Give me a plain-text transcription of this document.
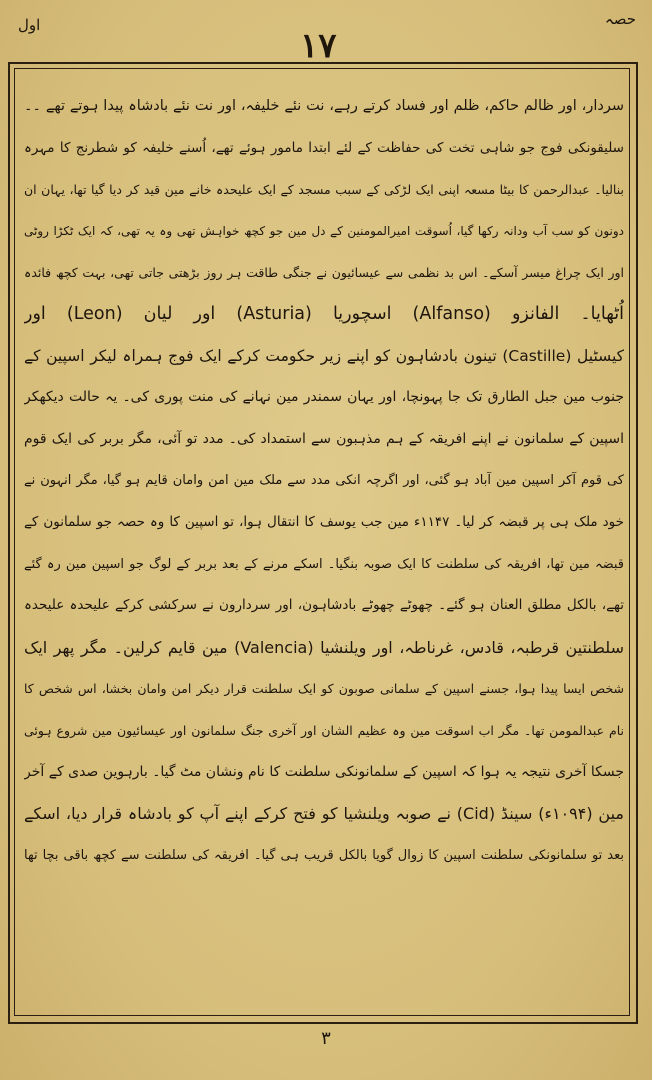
اول
١٧
حصہ
سردار، اور ظالم حاکم، ظلم اور فساد کرتے رہے، نت نئے خلیفہ، اور نت نئے بادشاہ پیدا ہوتے تھے ۔۔
سلیقونکی فوج جو شاہی تخت کی حفاظت کے لئے ابتدا مامور ہوئے تھے، اُسنے خلیفہ کو شطرنج کا مہرہ
بنالیا۔ عبدالرحمن کا بیٹا مسعہ اپنی ایک لڑکی کے سبب مسجد کے ایک علیحدہ خانے مین قید کر دیا گیا تھا، یہان ان
دونون کو سب آب ودانہ رکھا گیا، اُسوقت امیرالمومنین کے دل مین جو کچھ خواہش تھی وہ یہ تھی، کہ ایک ٹکڑا روٹی
اور ایک چراغ میسر آسکے۔ اس بد نظمی سے عیسائیون نے جنگی طاقت ہر روز بڑھتی جاتی تھی، بہت کچھ فائدہ
اُٹھایا۔ الفانزو (Alfanso) اسچوریا (Asturia) اور لیان (Leon) اور
کیسٹیل (Castille) تینون بادشاہون کو اپنے زیر حکومت کرکے ایک فوج ہمراہ لیکر اسپین کے
جنوب مین جبل الطارق تک جا پہونچا، اور یہان سمندر مین نہانے کی منت پوری کی۔ یہ حالت دیکھکر
اسپین کے سلمانون نے اپنے افریقہ کے ہم مذہبون سے استمداد کی۔ مدد تو آئی، مگر بربر کی ایک قوم
کی قوم آکر اسپین مین آباد ہو گئی، اور اگرچہ انکی مدد سے ملک مین امن وامان قایم ہو گیا، مگر انہون نے
خود ملک ہی پر قبضہ کر لیا۔ ۱۱۴۷ء مین جب یوسف کا انتقال ہوا، تو اسپین کا وہ حصہ جو سلمانون کے
قبضہ مین تھا، افریقہ کی سلطنت کا ایک صوبہ بنگیا۔ اسکے مرنے کے بعد بربر کے لوگ جو اسپین مین رہ گئے
تھے، بالکل مطلق العنان ہو گئے۔ چھوٹے چھوٹے بادشاہون، اور سردارون نے سرکشی کرکے علیحدہ علیحدہ
سلطنتین قرطبہ، قادس، غرناطہ، اور ویلنشیا (Valencia) مین قایم کرلین۔ مگر پھر ایک
شخص ایسا پیدا ہوا، جسنے اسپین کے سلمانی صوبون کو ایک سلطنت قرار دیکر امن وامان بخشا، اس شخص کا
نام عبدالمومن تھا۔ مگر اب اسوقت مین وہ عظیم الشان اور آخری جنگ سلمانون اور عیسائیون مین شروع ہوئی
جسکا آخری نتیجہ یہ ہوا کہ اسپین کے سلمانونکی سلطنت کا نام ونشان مٹ گیا۔ بارہوین صدی کے آخر
مین (۱۰۹۴ء) سینڈ (Cid) نے صوبہ ویلنشیا کو فتح کرکے اپنے آپ کو بادشاہ قرار دیا، اسکے
بعد تو سلمانونکی سلطنت اسپین کا زوال گویا بالکل قریب ہی گیا۔ افریقہ کی سلطنت سے کچھ باقی بچا تھا
٣
